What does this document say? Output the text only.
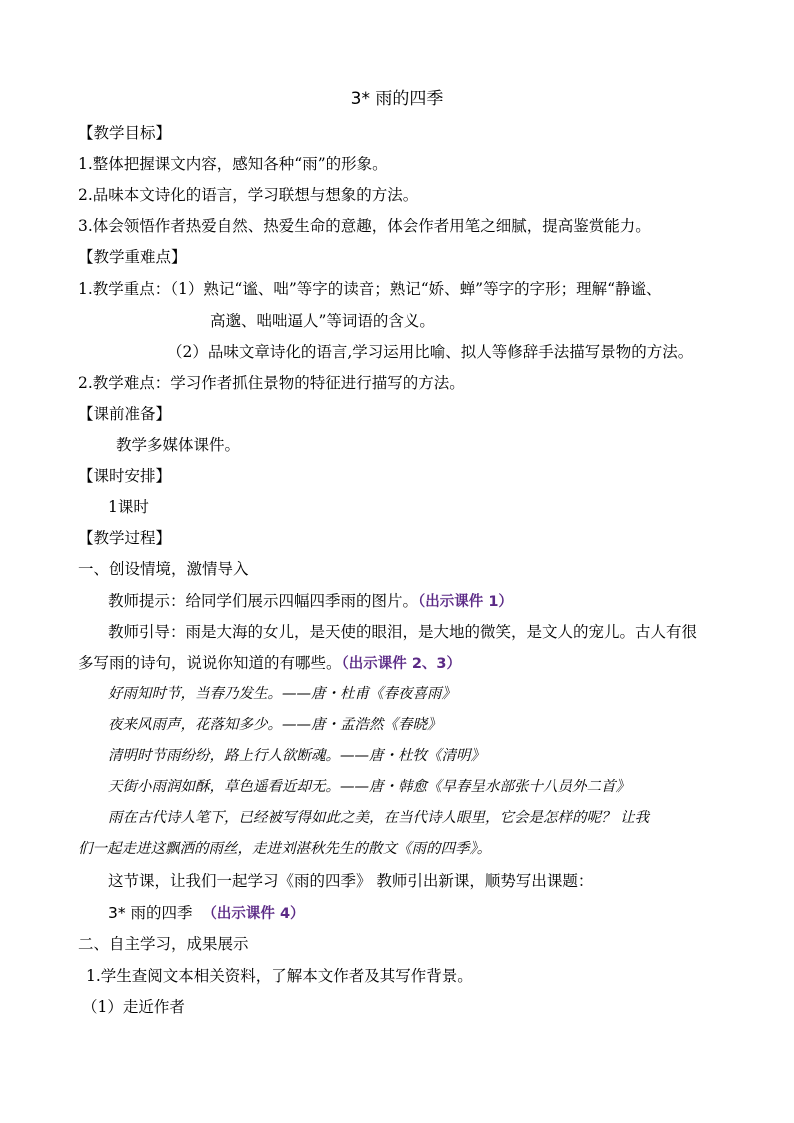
3* 雨的四季
【教学目标】
1.整体把握课文内容，感知各种“雨”的形象。
2.品味本文诗化的语言，学习联想与想象的方法。
3.体会领悟作者热爱自然、热爱生命的意趣，体会作者用笔之细腻，提高鉴赏能力。
【教学重难点】
1.教学重点：（1）熟记“谧、咄”等字的读音；熟记“娇、蝉”等字的字形；理解“静谧、
高邈、咄咄逼人”等词语的含义。
（2）品味文章诗化的语言,学习运用比喻、拟人等修辞手法描写景物的方法。
2.教学难点：学习作者抓住景物的特征进行描写的方法。
【课前准备】
教学多媒体课件。
【课时安排】
1课时
【教学过程】
一、创设情境，激情导入
教师提示：给同学们展示四幅四季雨的图片。（出示课件 1）
教师引导：雨是大海的女儿，是天使的眼泪，是大地的微笑，是文人的宠儿。古人有很
多写雨的诗句，说说你知道的有哪些。（出示课件 2、3）
好雨知时节，当春乃发生。——唐・杜甫《春夜喜雨》
夜来风雨声，花落知多少。——唐・孟浩然《春晓》
清明时节雨纷纷，路上行人欲断魂。——唐・杜牧《清明》
天街小雨润如酥，草色遥看近却无。——唐・韩愈《早春呈水部张十八员外二首》
雨在古代诗人笔下，已经被写得如此之美，在当代诗人眼里，它会是怎样的呢？ 让我
们一起走进这飘洒的雨丝，走进刘湛秋先生的散文《雨的四季》。
这节课，让我们一起学习《雨的四季》 教师引出新课，顺势写出课题：
3* 雨的四季 （出示课件 4）
二、自主学习，成果展示
1.学生查阅文本相关资料，了解本文作者及其写作背景。
（1）走近作者
